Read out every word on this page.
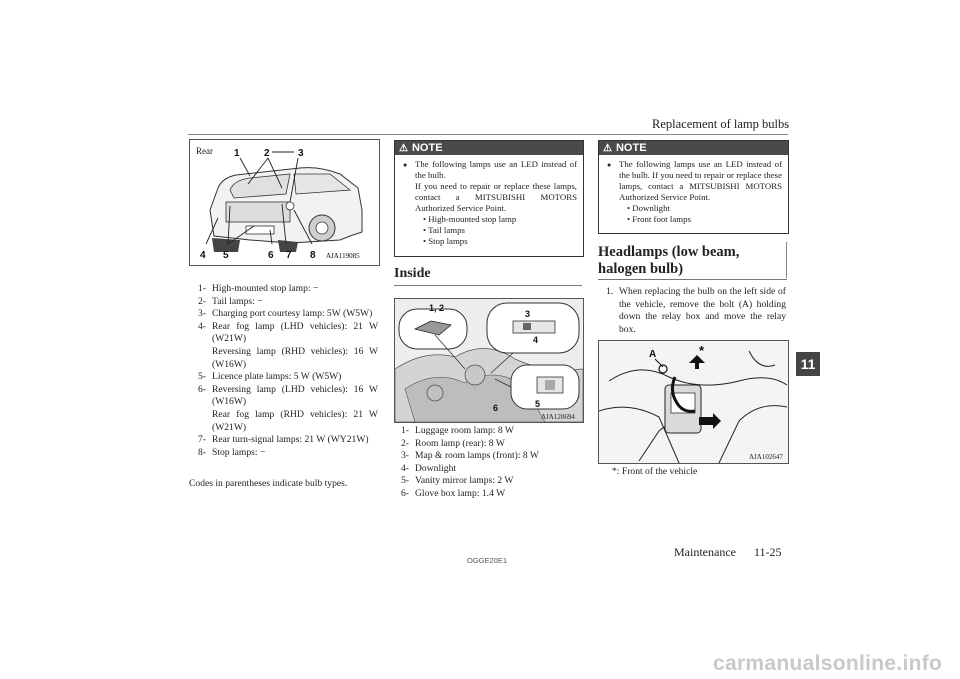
Replacement of lamp bulbs
11
Rear 1 2	3
4 5	6 7 8 AJA119085
1- High-mounted stop lamp: −
2- Tail lamps: −
3- Charging port courtesy lamp: 5W (W5W)
4- Rear fog lamp (LHD vehicles): 21 W (W21W)
Reversing lamp (RHD vehicles): 16 W (W16W)
5- Licence plate lamps: 5 W (W5W)
6- Reversing lamp (LHD vehicles): 16 W (W16W)
Rear fog lamp (RHD vehicles): 21 W (W21W)
7- Rear turn-signal lamps: 21 W (WY21W)
8- Stop lamps: −
Codes in parentheses indicate bulb types.
⚠ NOTE
● The following lamps use an LED instead of the bulb.
If you need to repair or replace these lamps, contact a MITSUBISHI MOTORS Authorized Service Point.
• High-mounted stop lamp
• Tail lamps
• Stop lamps
Inside
1, 2
3
4
5
6
AJA120694
1- Luggage room lamp: 8 W
2- Room lamp (rear): 8 W
3- Map & room lamps (front): 8 W
4- Downlight
5- Vanity mirror lamps: 2 W
6- Glove box lamp: 1.4 W
⚠ NOTE
● The following lamps use an LED instead of the bulb. If you need to repair or replace these lamps, contact a MITSUBISHI MOTORS Authorized Service Point.
• Downlight
• Front foot lamps
Headlamps (low beam, halogen bulb)
1. When replacing the bulb on the left side of the vehicle, remove the bolt (A) holding down the relay box and move the relay box.
A	*
AJA102647
*: Front of the vehicle
OGGE20E1
Maintenance 11-25
carmanualsonline.info
